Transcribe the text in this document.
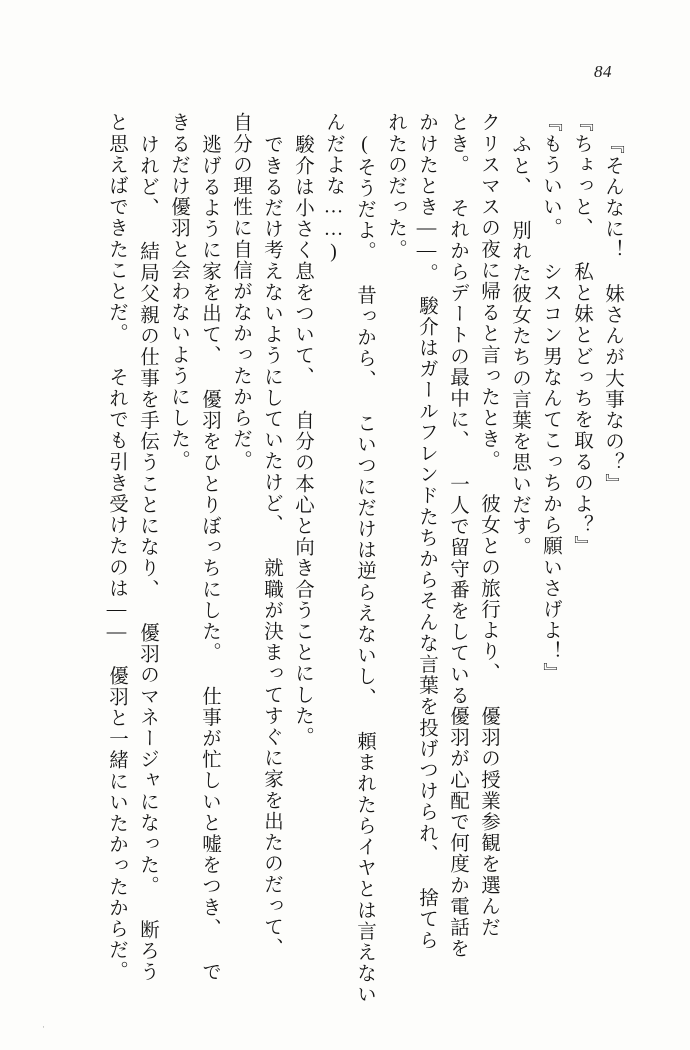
84
『そんなに！ 妹さんが大事なの？』
『ちょっと、 私と妹とどっちを取るのよ？』
『もういい。 シスコン男なんてこっちから願いさげよ！』
ふと、 別れた彼女たちの言葉を思いだす。
クリスマスの夜に帰ると言ったとき。 彼女との旅行より、 優羽の授業参観を選んだ
とき。 それからデートの最中に、 一人で留守番をしている優羽が心配で何度か電話を
かけたとき――。　駿介はガールフレンドたちからそんな言葉を投げつけられ、 捨てら
れたのだった。
(そうだよ。 昔っから、 こいつにだけは逆らえないし、 頼まれたらイヤとは言えない
んだよな……)
駿介は小さく息をついて、 自分の本心と向き合うことにした。
できるだけ考えないようにしていたけど、 就職が決まってすぐに家を出たのだって、
自分の理性に自信がなかったからだ。
逃げるように家を出て、 優羽をひとりぼっちにした。 仕事が忙しいと嘘をつき、 で
きるだけ優羽と会わないようにした。
けれど、 結局父親の仕事を手伝うことになり、 優羽のマネージャになった。 断ろう
と思えばできたことだ。 それでも引き受けたのは――　優羽と一緒にいたかったからだ。
·
